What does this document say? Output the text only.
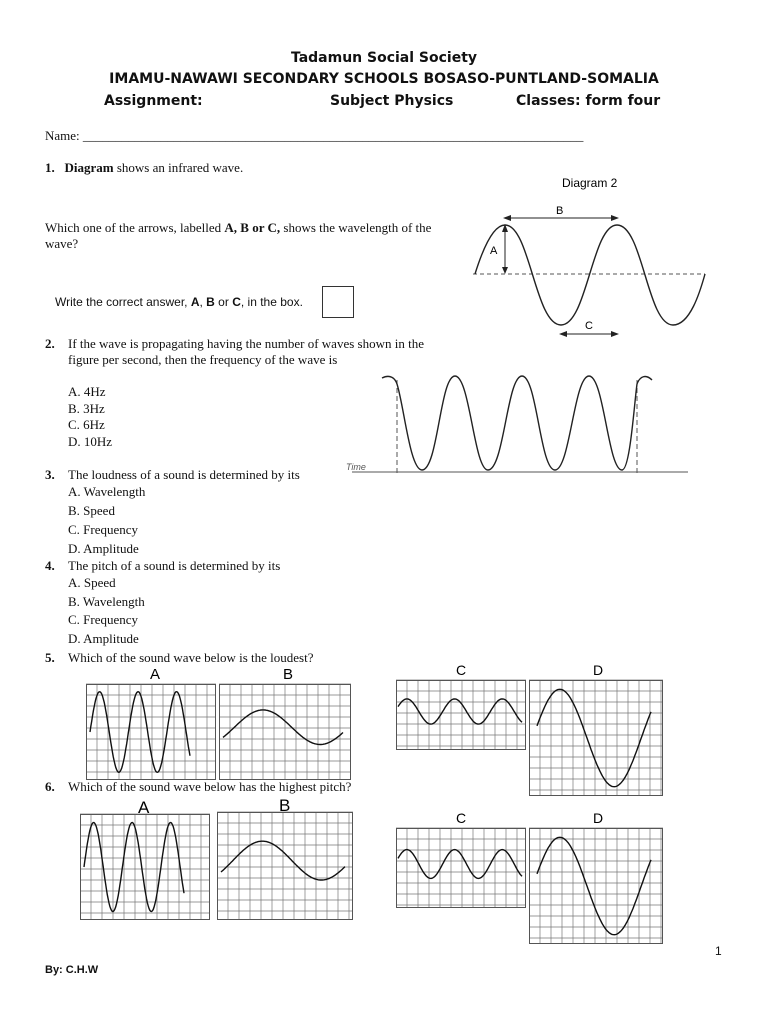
Tadamun Social Society
IMAMU-NAWAWI SECONDARY SCHOOLS BOSASO-PUNTLAND-SOMALIA
Assignment:	Subject Physics	Classes: form four
Name: _____________________________________________________________________________
1. Diagram shows an infrared wave.
Which one of the arrows, labelled A, B or C, shows the wavelength of the
wave?
Write the correct answer, A, B or C, in the box.
Diagram 2
A
B
C
2. If the wave is propagating having the number of waves shown in the
figure per second, then the frequency of the wave is
A. 4Hz
B. 3Hz
C. 6Hz
D. 10Hz
Time
3. The loudness of a sound is determined by its
A. Wavelength
B. Speed
C. Frequency
D. Amplitude
4. The pitch of a sound is determined by its
A. Speed
B. Wavelength
C. Frequency
D. Amplitude
5. Which of the sound wave below is the loudest?
6. Which of the sound wave below has the highest pitch?
A	B	C	D
A	B
C	D
1
By: C.H.W
